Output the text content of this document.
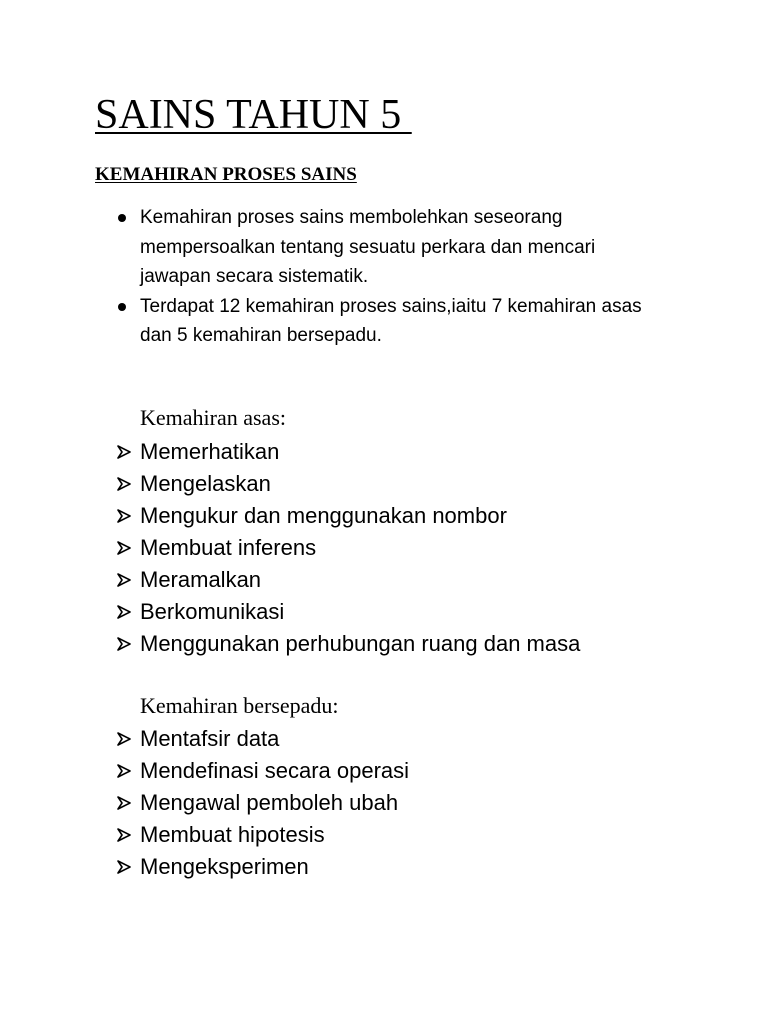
SAINS TAHUN 5
KEMAHIRAN PROSES SAINS
Kemahiran proses sains membolehkan seseorang mempersoalkan tentang sesuatu perkara dan mencari jawapan secara sistematik.
Terdapat 12 kemahiran proses sains,iaitu 7 kemahiran asas dan 5 kemahiran bersepadu.
Kemahiran asas:
Memerhatikan
Mengelaskan
Mengukur dan menggunakan nombor
Membuat inferens
Meramalkan
Berkomunikasi
Menggunakan perhubungan ruang dan masa
Kemahiran bersepadu:
Mentafsir data
Mendefinasi secara operasi
Mengawal pemboleh ubah
Membuat hipotesis
Mengeksperimen
